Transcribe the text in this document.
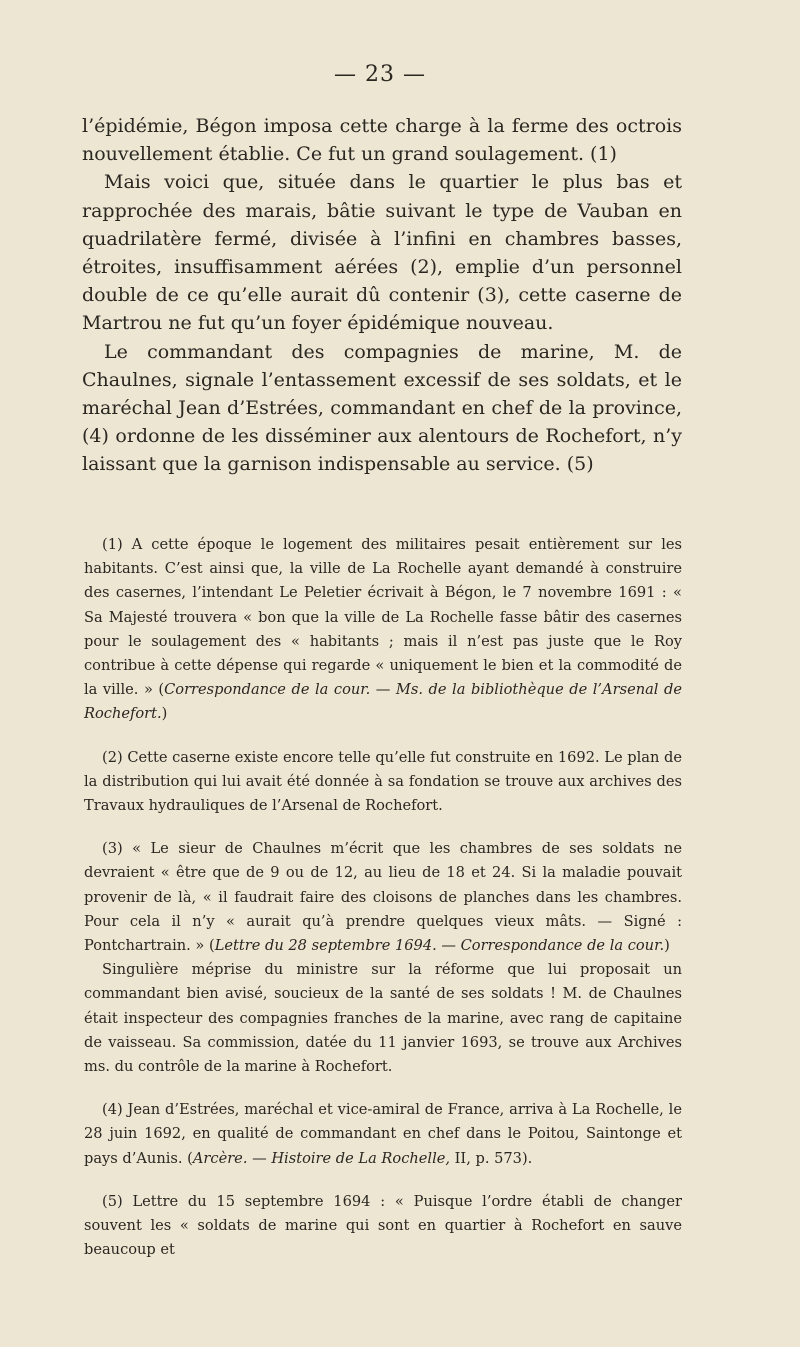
— 23 —

l’épidémie, Bégon imposa cette charge à la ferme des octrois nouvellement établie. Ce fut un grand soulagement. (1)

Mais voici que, située dans le quartier le plus bas et rapprochée des marais, bâtie suivant le type de Vauban en quadrilatère fermé, divisée à l’infini en chambres basses, étroites, insuffisamment aérées (2), emplie d’un personnel double de ce qu’elle aurait dû contenir (3), cette caserne de Martrou ne fut qu’un foyer épidémique nouveau.

Le commandant des compagnies de marine, M. de Chaulnes, signale l’entassement excessif de ses soldats, et le maréchal Jean d’Estrées, commandant en chef de la province, (4) ordonne de les disséminer aux alentours de Rochefort, n’y laissant que la garnison indispensable au service. (5)

(1) A cette époque le logement des militaires pesait entièrement sur les habitants. C’est ainsi que, la ville de La Rochelle ayant demandé à construire des casernes, l’intendant Le Peletier écrivait à Bégon, le 7 novembre 1691 : « Sa Majesté trouvera « bon que la ville de La Rochelle fasse bâtir des casernes pour le soulagement des « habitants ; mais il n’est pas juste que le Roy contribue à cette dépense qui regarde « uniquement le bien et la commodité de la ville. » (Correspondance de la cour. — Ms. de la bibliothèque de l’Arsenal de Rochefort.)

(2) Cette caserne existe encore telle qu’elle fut construite en 1692. Le plan de la distribution qui lui avait été donnée à sa fondation se trouve aux archives des Travaux hydrauliques de l’Arsenal de Rochefort.

(3) « Le sieur de Chaulnes m’écrit que les chambres de ses soldats ne devraient « être que de 9 ou de 12, au lieu de 18 et 24. Si la maladie pouvait provenir de là, « il faudrait faire des cloisons de planches dans les chambres. Pour cela il n’y « aurait qu’à prendre quelques vieux mâts. — Signé : Pontchartrain. » (Lettre du 28 septembre 1694. — Correspondance de la cour.)

Singulière méprise du ministre sur la réforme que lui proposait un commandant bien avisé, soucieux de la santé de ses soldats ! M. de Chaulnes était inspecteur des compagnies franches de la marine, avec rang de capitaine de vaisseau. Sa commission, datée du 11 janvier 1693, se trouve aux Archives ms. du contrôle de la marine à Rochefort.

(4) Jean d’Estrées, maréchal et vice-amiral de France, arriva à La Rochelle, le 28 juin 1692, en qualité de commandant en chef dans le Poitou, Saintonge et pays d’Aunis. (Arcère. — Histoire de La Rochelle, II, p. 573).

(5) Lettre du 15 septembre 1694 : « Puisque l’ordre établi de changer souvent les « soldats de marine qui sont en quartier à Rochefort en sauve beaucoup et
